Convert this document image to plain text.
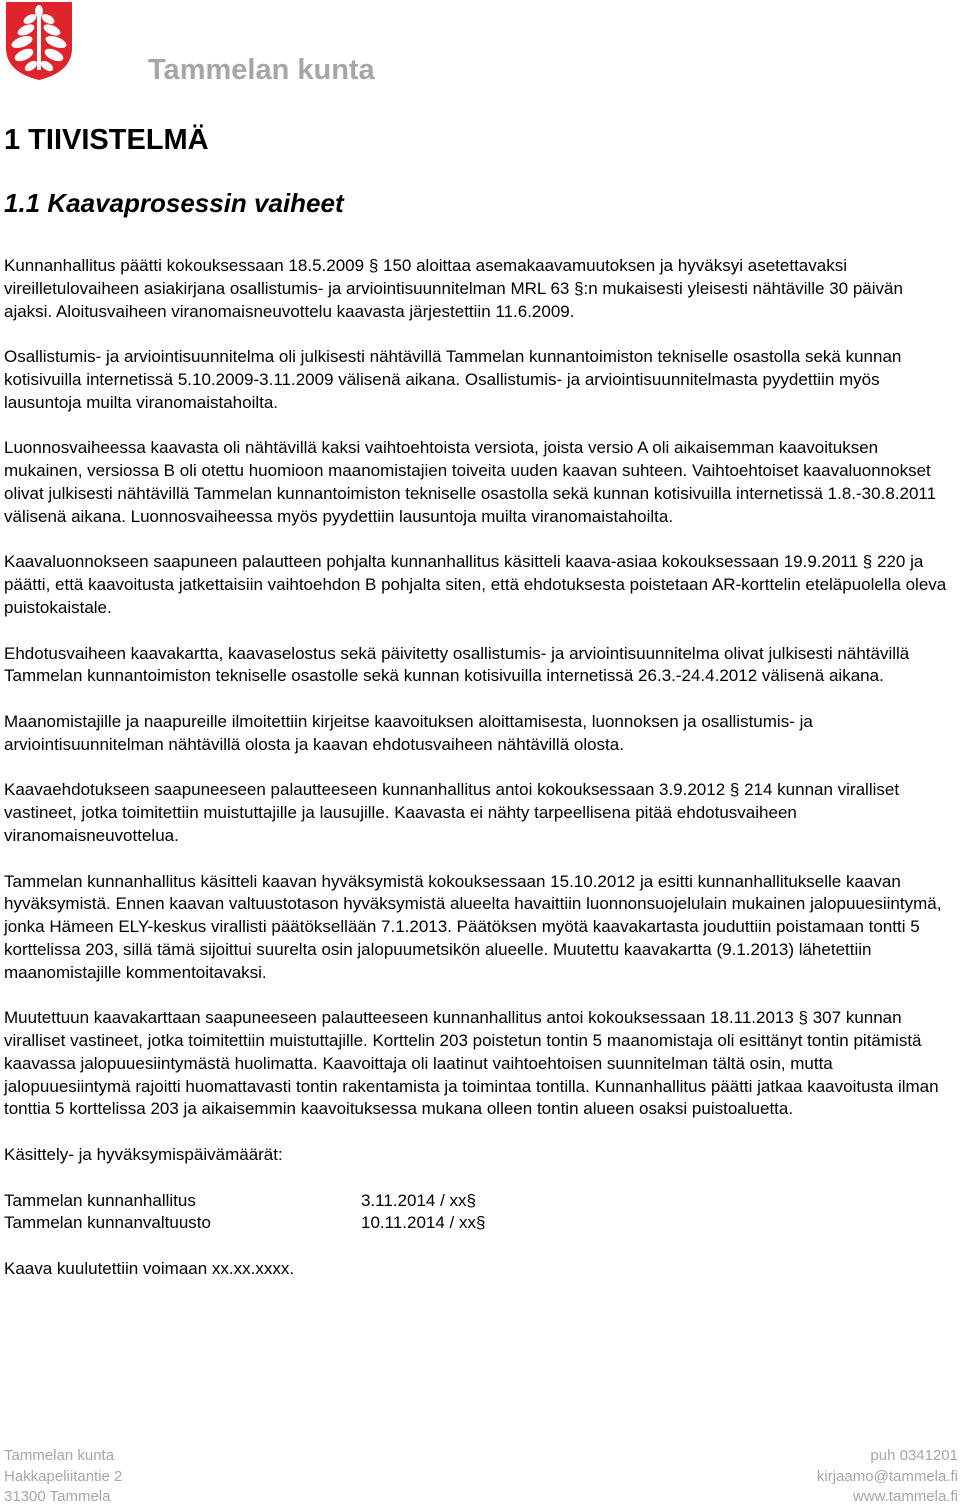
Tammelan kunta
1 TIIVISTELMÄ
1.1 Kaavaprosessin vaiheet

Kunnanhallitus päätti kokouksessaan 18.5.2009 § 150 aloittaa asemakaavamuutoksen ja hyväksyi asetettavaksi vireilletulovaiheen asiakirjana osallistumis- ja arviointisuunnitelman MRL 63 §:n mukaisesti yleisesti nähtäville 30 päivän ajaksi. Aloitusvaiheen viranomaisneuvottelu kaavasta järjestettiin 11.6.2009.

Osallistumis- ja arviointisuunnitelma oli julkisesti nähtävillä Tammelan kunnantoimiston tekniselle osastolla sekä kunnan kotisivuilla internetissä 5.10.2009-3.11.2009 välisenä aikana. Osallistumis- ja arviointisuunnitelmasta pyydettiin myös lausuntoja muilta viranomaistahoilta.

Luonnosvaiheessa kaavasta oli nähtävillä kaksi vaihtoehtoista versiota, joista versio A oli aikaisemman kaavoituksen mukainen, versiossa B oli otettu huomioon maanomistajien toiveita uuden kaavan suhteen. Vaihtoehtoiset kaavaluonnokset olivat julkisesti nähtävillä Tammelan kunnantoimiston tekniselle osastolla sekä kunnan kotisivuilla internetissä 1.8.-30.8.2011 välisenä aikana. Luonnosvaiheessa myös pyydettiin lausuntoja muilta viranomaistahoilta.

Kaavaluonnokseen saapuneen palautteen pohjalta kunnanhallitus käsitteli kaava-asiaa kokouksessaan 19.9.2011 § 220 ja päätti, että kaavoitusta jatkettaisiin vaihtoehdon B pohjalta siten, että ehdotuksesta poistetaan AR-korttelin eteläpuolella oleva puistokaistale.

Ehdotusvaiheen kaavakartta, kaavaselostus sekä päivitetty osallistumis- ja arviointisuunnitelma olivat julkisesti nähtävillä Tammelan kunnantoimiston tekniselle osastolle sekä kunnan kotisivuilla internetissä 26.3.-24.4.2012 välisenä aikana.

Maanomistajille ja naapureille ilmoitettiin kirjeitse kaavoituksen aloittamisesta, luonnoksen ja osallistumis- ja arviointisuunnitelman nähtävillä olosta ja kaavan ehdotusvaiheen nähtävillä olosta.

Kaavaehdotukseen saapuneeseen palautteeseen kunnanhallitus antoi kokouksessaan 3.9.2012 § 214 kunnan viralliset vastineet, jotka toimitettiin muistuttajille ja lausujille. Kaavasta ei nähty tarpeellisena pitää ehdotusvaiheen viranomaisneuvottelua.

Tammelan kunnanhallitus käsitteli kaavan hyväksymistä kokouksessaan 15.10.2012 ja esitti kunnanhallitukselle kaavan hyväksymistä. Ennen kaavan valtuustotason hyväksymistä alueelta havaittiin luonnonsuojelulain mukainen jalopuuesiintymä, jonka Hämeen ELY-keskus virallisti päätöksellään 7.1.2013. Päätöksen myötä kaavakartasta jouduttiin poistamaan tontti 5 korttelissa 203, sillä tämä sijoittui suurelta osin jalopuumetsikön alueelle. Muutettu kaavakartta (9.1.2013) lähetettiin maanomistajille kommentoitavaksi.

Muutettuun kaavakarttaan saapuneeseen palautteeseen kunnanhallitus antoi kokouksessaan 18.11.2013 § 307 kunnan viralliset vastineet, jotka toimitettiin muistuttajille. Korttelin 203 poistetun tontin 5 maanomistaja oli esittänyt tontin pitämistä kaavassa jalopuuesiintymästä huolimatta. Kaavoittaja oli laatinut vaihtoehtoisen suunnitelman tältä osin, mutta jalopuuesiintymä rajoitti huomattavasti tontin rakentamista ja toimintaa tontilla. Kunnanhallitus päätti jatkaa kaavoitusta ilman tonttia 5 korttelissa 203 ja aikaisemmin kaavoituksessa mukana olleen tontin alueen osaksi puistoaluetta.

Käsittely- ja hyväksymispäivämäärät:

Tammelan kunnanhallitus	3.11.2014 / xx§
Tammelan kunnanvaltuusto	10.11.2014 / xx§

Kaava kuulutettiin voimaan xx.xx.xxxx.

Tammelan kunta
Hakkapeliitantie 2
31300 Tammela
puh 0341201
kirjaamo@tammela.fi
www.tammela.fi
